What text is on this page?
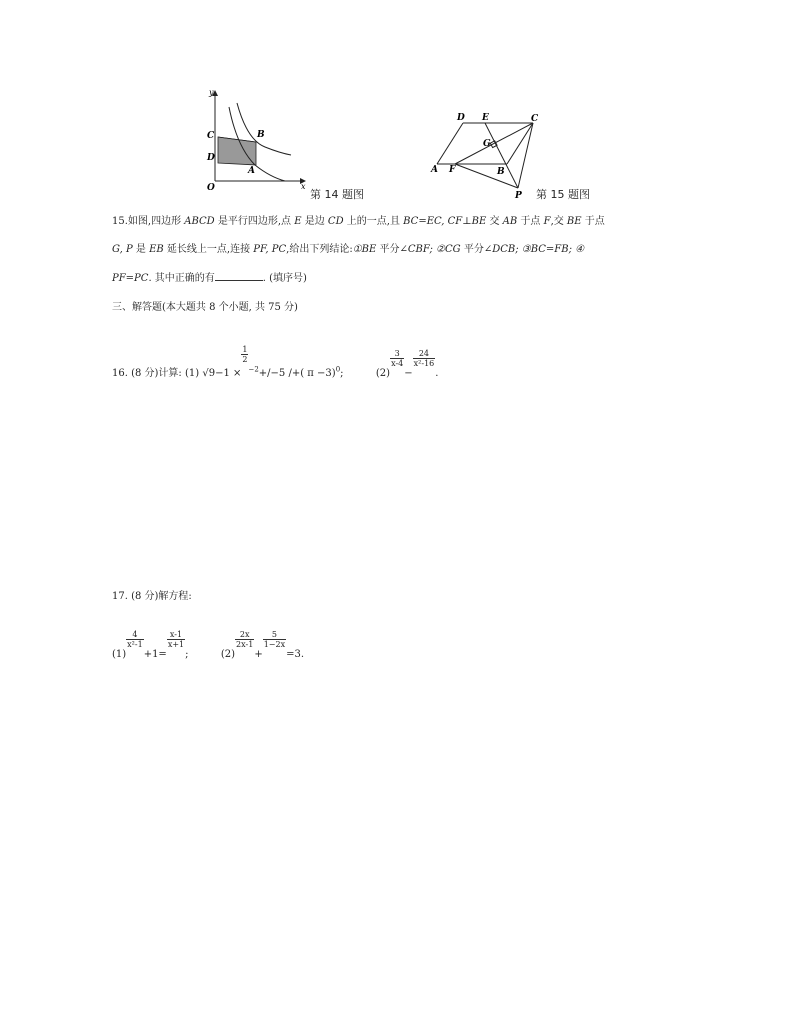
y
x
O
C
D
B
A
第 14 题图
D E	C
G
A F	B
P 第 15 题图
15.如图,四边形 ABCD 是平行四边形,点 E 是边 CD 上的一点,且 BC=EC, CF⊥BE 交 AB 于点 F,交 BE 于点
G, P 是 EB 延长线上一点,连接 PF, PC,给出下列结论:①BE 平分∠CBF; ②CG 平分∠DCB; ③BC=FB; ④
PF=PC. 其中正确的有	. (填序号)
三、解答题(本大题共 8 个小题, 共 75 分)
16. (8 分)计算: (1) √9−1 ×
$\frac{1}{2}$
$^{-2}$+/−5 /+( π −3)$^0$;	(2)
$\frac{3}{x-4}$
−
$\frac{24}{\text{x²-16}}$
.
17. (8 分)解方程:
(1)
$\frac{4}{\text{x²-1}}$
+1=
$\frac{x-1}{x+1}$
;	(2)
$\frac{2x}{2x-1}$
+
$\frac{5}{1-2x}$
=3.
